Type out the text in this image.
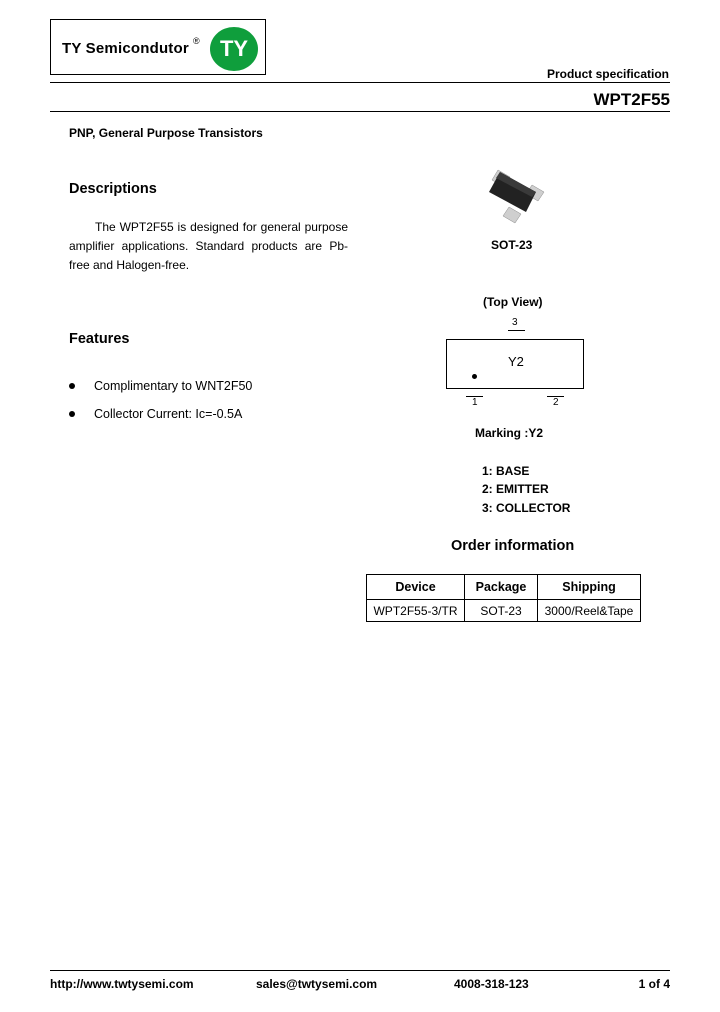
TY Semicondutor ® TY
Product specification
WPT2F55
PNP, General Purpose Transistors
Descriptions
The WPT2F55 is designed for general purpose amplifier applications. Standard products are Pb-free and Halogen-free.
Features
Complimentary to WNT2F50
Collector Current: Ic=-0.5A
SOT-23
(Top View)
3
Y2
1	2
Marking :Y2
1: BASE
2: EMITTER
3: COLLECTOR
Order information
Device	Package	Shipping
WPT2F55-3/TR	SOT-23	3000/Reel&Tape
http://www.twtysemi.com	sales@twtysemi.com	4008-318-123	1 of 4
